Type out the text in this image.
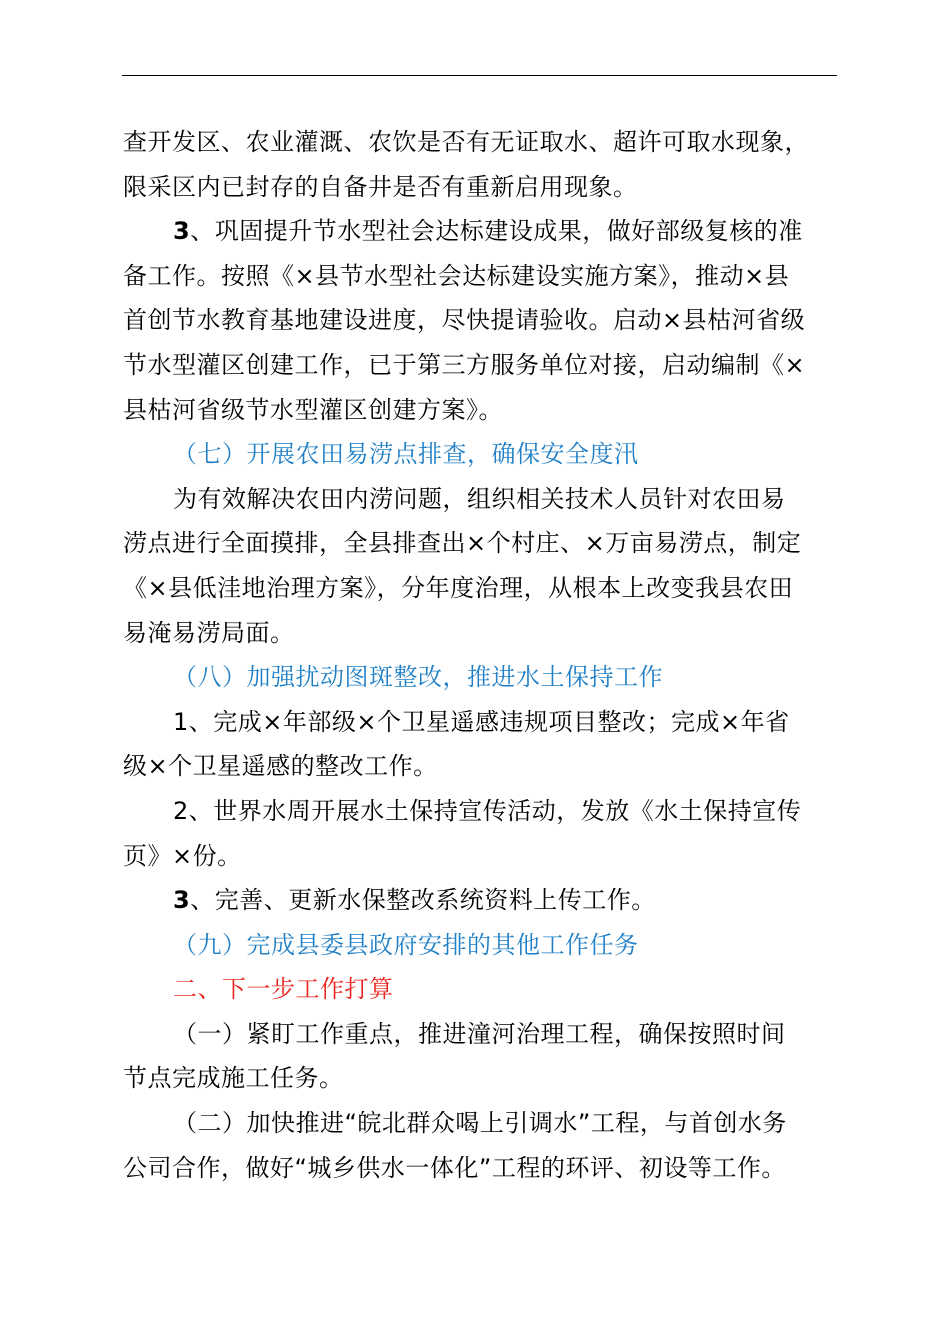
查开发区、农业灌溉、农饮是否有无证取水、超许可取水现象，
限采区内已封存的自备井是否有重新启用现象。

3、巩固提升节水型社会达标建设成果，做好部级复核的准
备工作。按照《×县节水型社会达标建设实施方案》，推动×县
首创节水教育基地建设进度，尽快提请验收。启动×县枯河省级
节水型灌区创建工作，已于第三方服务单位对接，启动编制《×
县枯河省级节水型灌区创建方案》。

（七）开展农田易涝点排查，确保安全度汛

为有效解决农田内涝问题，组织相关技术人员针对农田易
涝点进行全面摸排，全县排查出×个村庄、×万亩易涝点，制定
《×县低洼地治理方案》，分年度治理，从根本上改变我县农田
易淹易涝局面。

（八）加强扰动图斑整改，推进水土保持工作

1、完成×年部级×个卫星遥感违规项目整改；完成×年省
级×个卫星遥感的整改工作。

2、世界水周开展水土保持宣传活动，发放《水土保持宣传
页》×份。

3、完善、更新水保整改系统资料上传工作。

（九）完成县委县政府安排的其他工作任务

二、下一步工作打算

（一）紧盯工作重点，推进潼河治理工程，确保按照时间
节点完成施工任务。

（二）加快推进“皖北群众喝上引调水”工程，与首创水务
公司合作，做好“城乡供水一体化”工程的环评、初设等工作。
